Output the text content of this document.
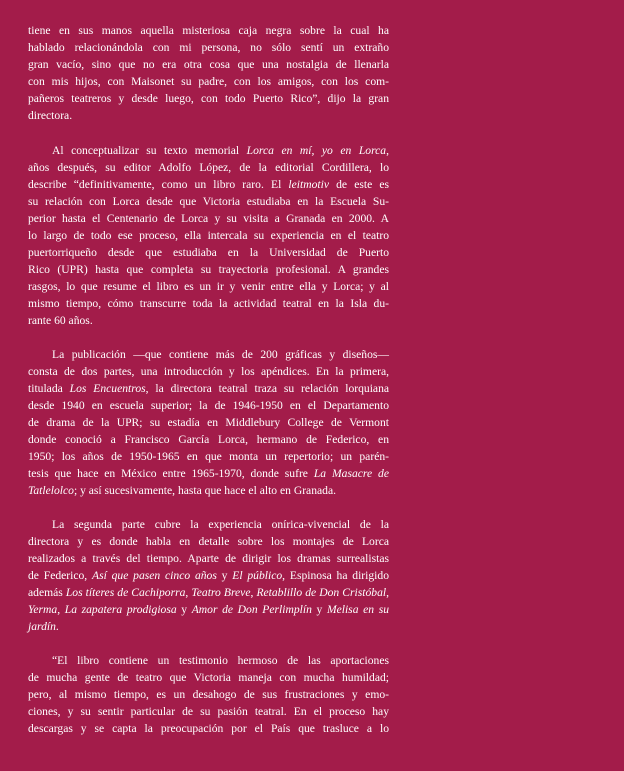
tiene en sus manos aquella misteriosa caja negra sobre la cual ha
hablado relacionándola con mi persona, no sólo sentí un extraño
gran vacío, sino que no era otra cosa que una nostalgia de llenarla
con mis hijos, con Maisonet su padre, con los amigos, con los com-
pañeros teatreros y desde luego, con todo Puerto Rico”, dijo la gran
directora.
Al conceptualizar su texto memorial Lorca en mí, yo en Lorca,
años después, su editor Adolfo López, de la editorial Cordillera, lo
describe “definitivamente, como un libro raro. El leitmotiv de este es
su relación con Lorca desde que Victoria estudiaba en la Escuela Su-
perior hasta el Centenario de Lorca y su visita a Granada en 2000. A
lo largo de todo ese proceso, ella intercala su experiencia en el teatro
puertorriqueño desde que estudiaba en la Universidad de Puerto
Rico (UPR) hasta que completa su trayectoria profesional. A grandes
rasgos, lo que resume el libro es un ir y venir entre ella y Lorca; y al
mismo tiempo, cómo transcurre toda la actividad teatral en la Isla du-
rante 60 años.
La publicación —que contiene más de 200 gráficas y diseños—
consta de dos partes, una introducción y los apéndices. En la primera,
titulada Los Encuentros, la directora teatral traza su relación lorquiana
desde 1940 en escuela superior; la de 1946-1950 en el Departamento
de drama de la UPR; su estadía en Middlebury College de Vermont
donde conoció a Francisco García Lorca, hermano de Federico, en
1950; los años de 1950-1965 en que monta un repertorio; un parén-
tesis que hace en México entre 1965-1970, donde sufre La Masacre de
Tatlelolco; y así sucesivamente, hasta que hace el alto en Granada.
La segunda parte cubre la experiencia onírica-vivencial de la
directora y es donde habla en detalle sobre los montajes de Lorca
realizados a través del tiempo. Aparte de dirigir los dramas surrealistas
de Federico, Así que pasen cinco años y El público, Espinosa ha dirigido
además Los títeres de Cachiporra, Teatro Breve, Retablillo de Don Cristóbal,
Yerma, La zapatera prodigiosa y Amor de Don Perlimplín y Melisa en su
jardín.
“El libro contiene un testimonio hermoso de las aportaciones
de mucha gente de teatro que Victoria maneja con mucha humildad;
pero, al mismo tiempo, es un desahogo de sus frustraciones y emo-
ciones, y su sentir particular de su pasión teatral. En el proceso hay
descargas y se capta la preocupación por el País que trasluce a lo
